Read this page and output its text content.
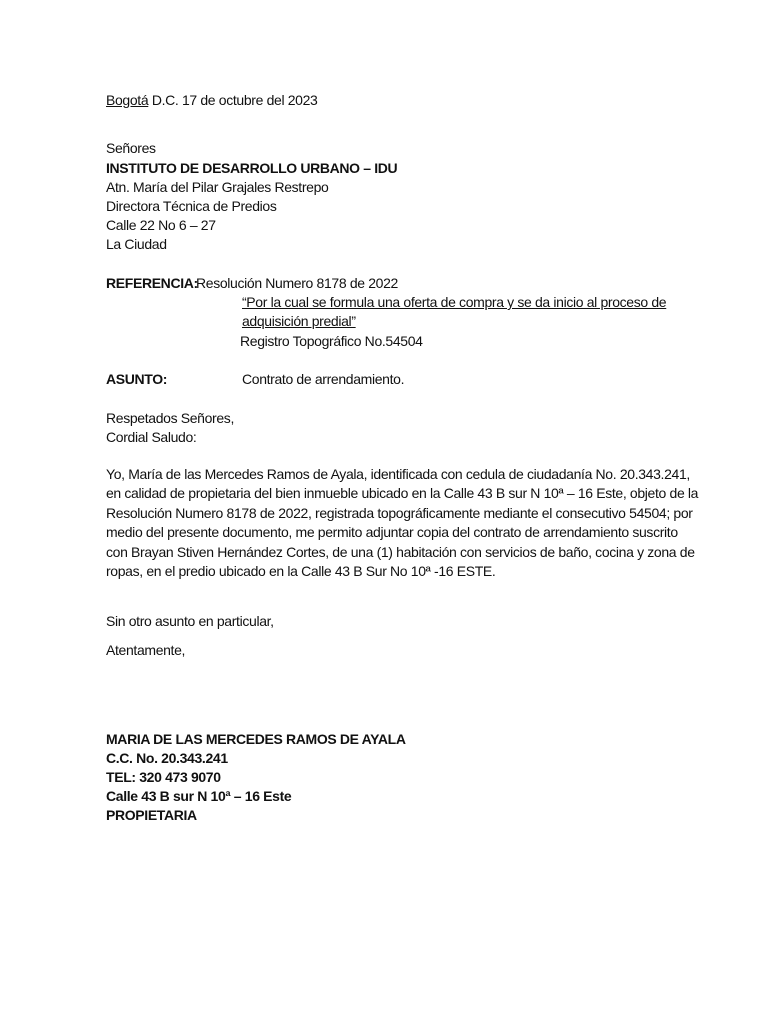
Bogotá D.C. 17 de octubre del 2023
Señores
INSTITUTO DE DESARROLLO URBANO – IDU
Atn. María del Pilar Grajales Restrepo
Directora Técnica de Predios
Calle 22 No 6 – 27
La Ciudad
REFERENCIA:
Resolución Numero 8178 de 2022
“Por la cual se formula una oferta de compra y se da inicio al proceso de
adquisición predial”
Registro Topográfico No.54504
ASUNTO:	Contrato de arrendamiento.
Respetados Señores,
Cordial Saludo:
Yo, María de las Mercedes Ramos de Ayala, identificada con cedula de ciudadanía No. 20.343.241,
en calidad de propietaria del bien inmueble ubicado en la Calle 43 B sur N 10ª – 16 Este, objeto de la
Resolución Numero 8178 de 2022, registrada topográficamente mediante el consecutivo 54504; por
medio del presente documento, me permito adjuntar copia del contrato de arrendamiento suscrito
con Brayan Stiven Hernández Cortes, de una (1) habitación con servicios de baño, cocina y zona de
ropas, en el predio ubicado en la Calle 43 B Sur No 10ª -16 ESTE.
Sin otro asunto en particular,
Atentamente,
MARIA DE LAS MERCEDES RAMOS DE AYALA
C.C. No. 20.343.241
TEL: 320 473 9070
Calle 43 B sur N 10ª – 16 Este
PROPIETARIA
